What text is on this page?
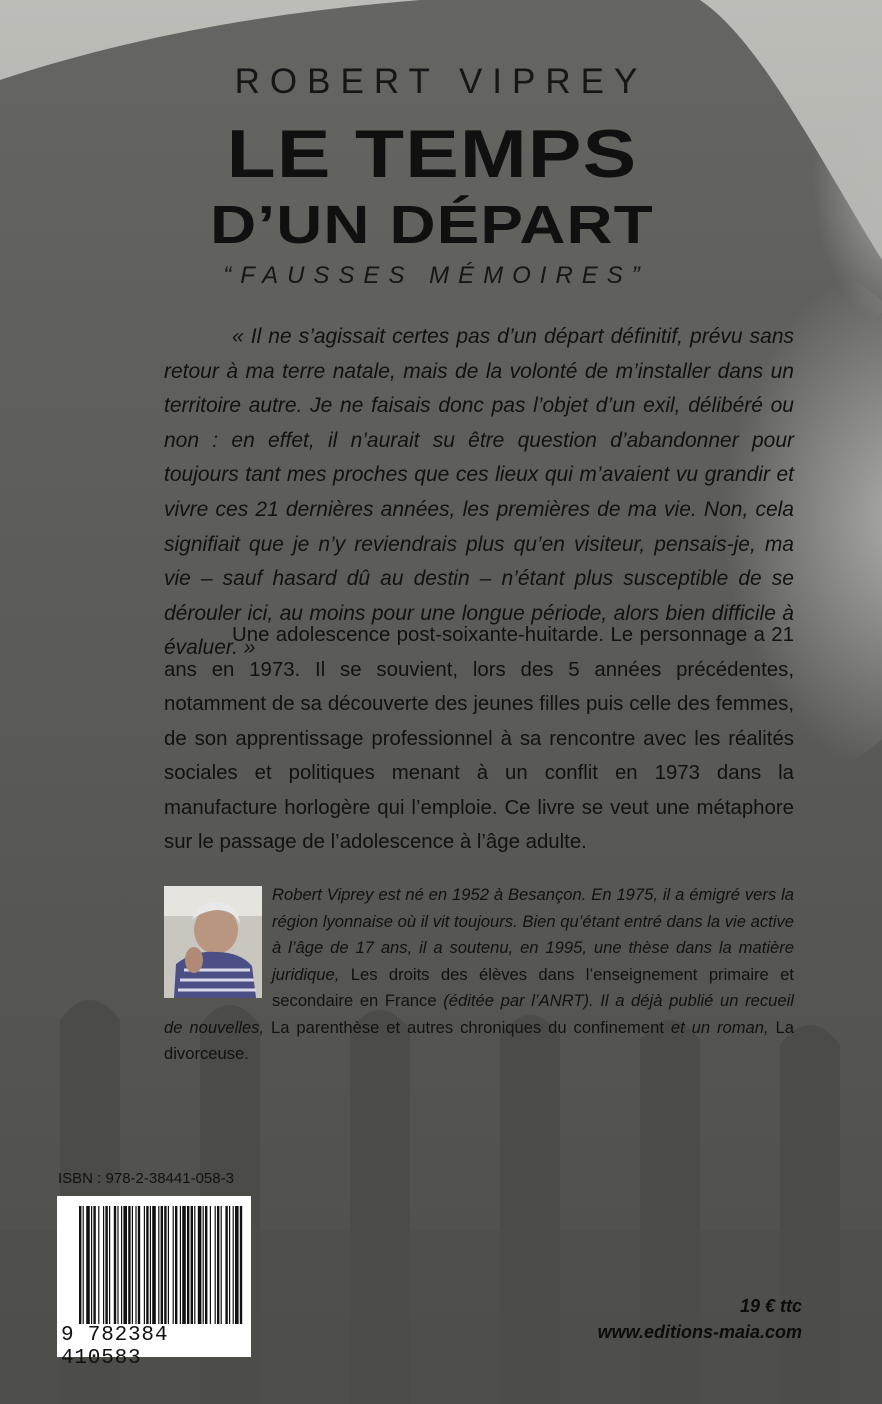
ROBERT VIPREY
LE TEMPS
D’UN DÉPART
“FAUSSES MÉMOIRES”
« Il ne s’agissait certes pas d’un départ définitif, prévu sans retour à ma terre natale, mais de la volonté de m’installer dans un territoire autre. Je ne faisais donc pas l’objet d’un exil, délibéré ou non : en effet, il n’aurait su être question d’abandonner pour toujours tant mes proches que ces lieux qui m’avaient vu grandir et vivre ces 21 dernières années, les premières de ma vie. Non, cela signifiait que je n’y reviendrais plus qu’en visiteur, pensais-je, ma vie – sauf hasard dû au destin – n’étant plus susceptible de se dérouler ici, au moins pour une longue période, alors bien difficile à évaluer. »
Une adolescence post-soixante-huitarde. Le personnage a 21 ans en 1973. Il se souvient, lors des 5 années précédentes, notamment de sa découverte des jeunes filles puis celle des femmes, de son apprentissage professionnel à sa rencontre avec les réalités sociales et politiques menant à un conflit en 1973 dans la manufacture horlogère qui l’emploie. Ce livre se veut une métaphore sur le passage de l’adolescence à l’âge adulte.
Robert Viprey est né en 1952 à Besançon. En 1975, il a émigré vers la région lyonnaise où il vit toujours. Bien qu’étant entré dans la vie active à l’âge de 17 ans, il a soutenu, en 1995, une thèse dans la matière juridique, Les droits des élèves dans l’enseignement primaire et secondaire en France (éditée par l’ANRT). Il a déjà publié un recueil de nouvelles, La parenthèse et autres chroniques du confinement et un roman, La divorceuse.
ISBN : 978-2-38441-058-3
9 782384 410583
19 € ttc
www.editions-maia.com
